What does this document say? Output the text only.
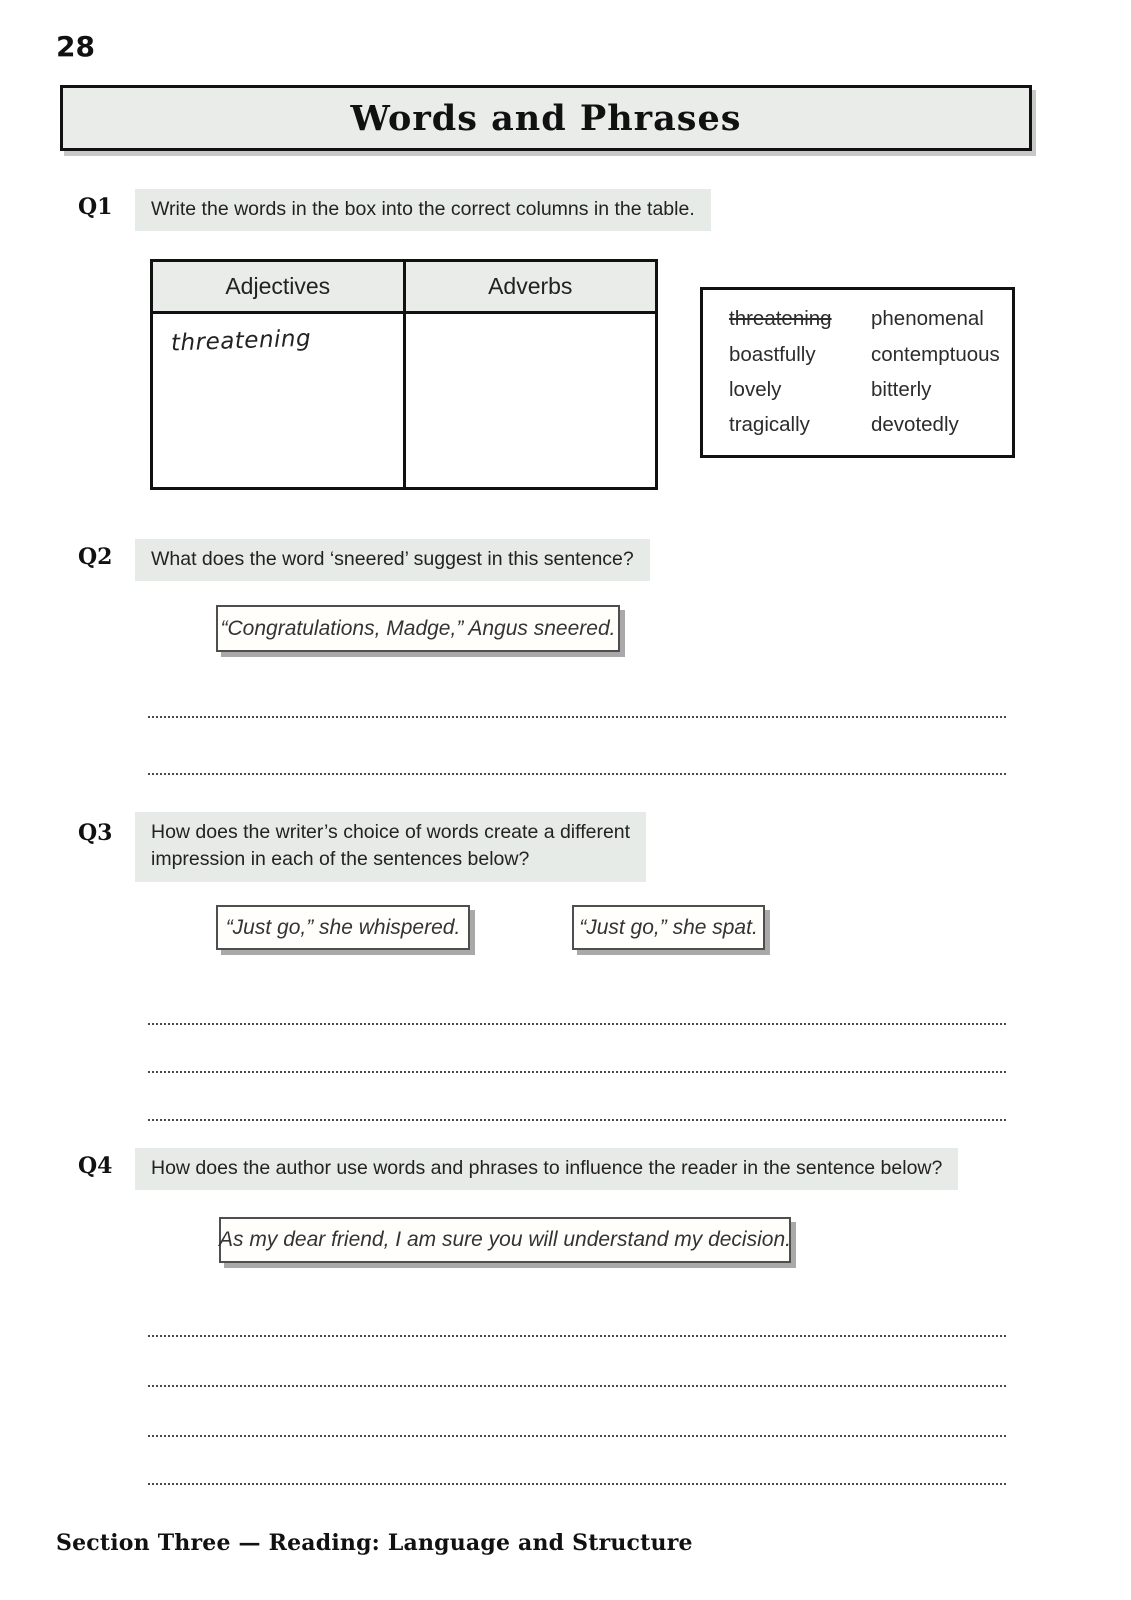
28
Words and Phrases
Q1	Write the words in the box into the correct columns in the table.
Adjectives	Adverbs
threatening
threatening
boastfully
lovely
tragically
phenomenal
contemptuous
bitterly
devotedly
Q2	What does the word ‘sneered’ suggest in this sentence?
“Congratulations, Madge,” Angus sneered.
Q3 How does the writer’s choice of words create a different
impression in each of the sentences below?
“Just go,” she whispered.	“Just go,” she spat.
Q4	How does the author use words and phrases to influence the reader in the sentence below?
As my dear friend, I am sure you will understand my decision.
Section Three — Reading: Language and Structure
